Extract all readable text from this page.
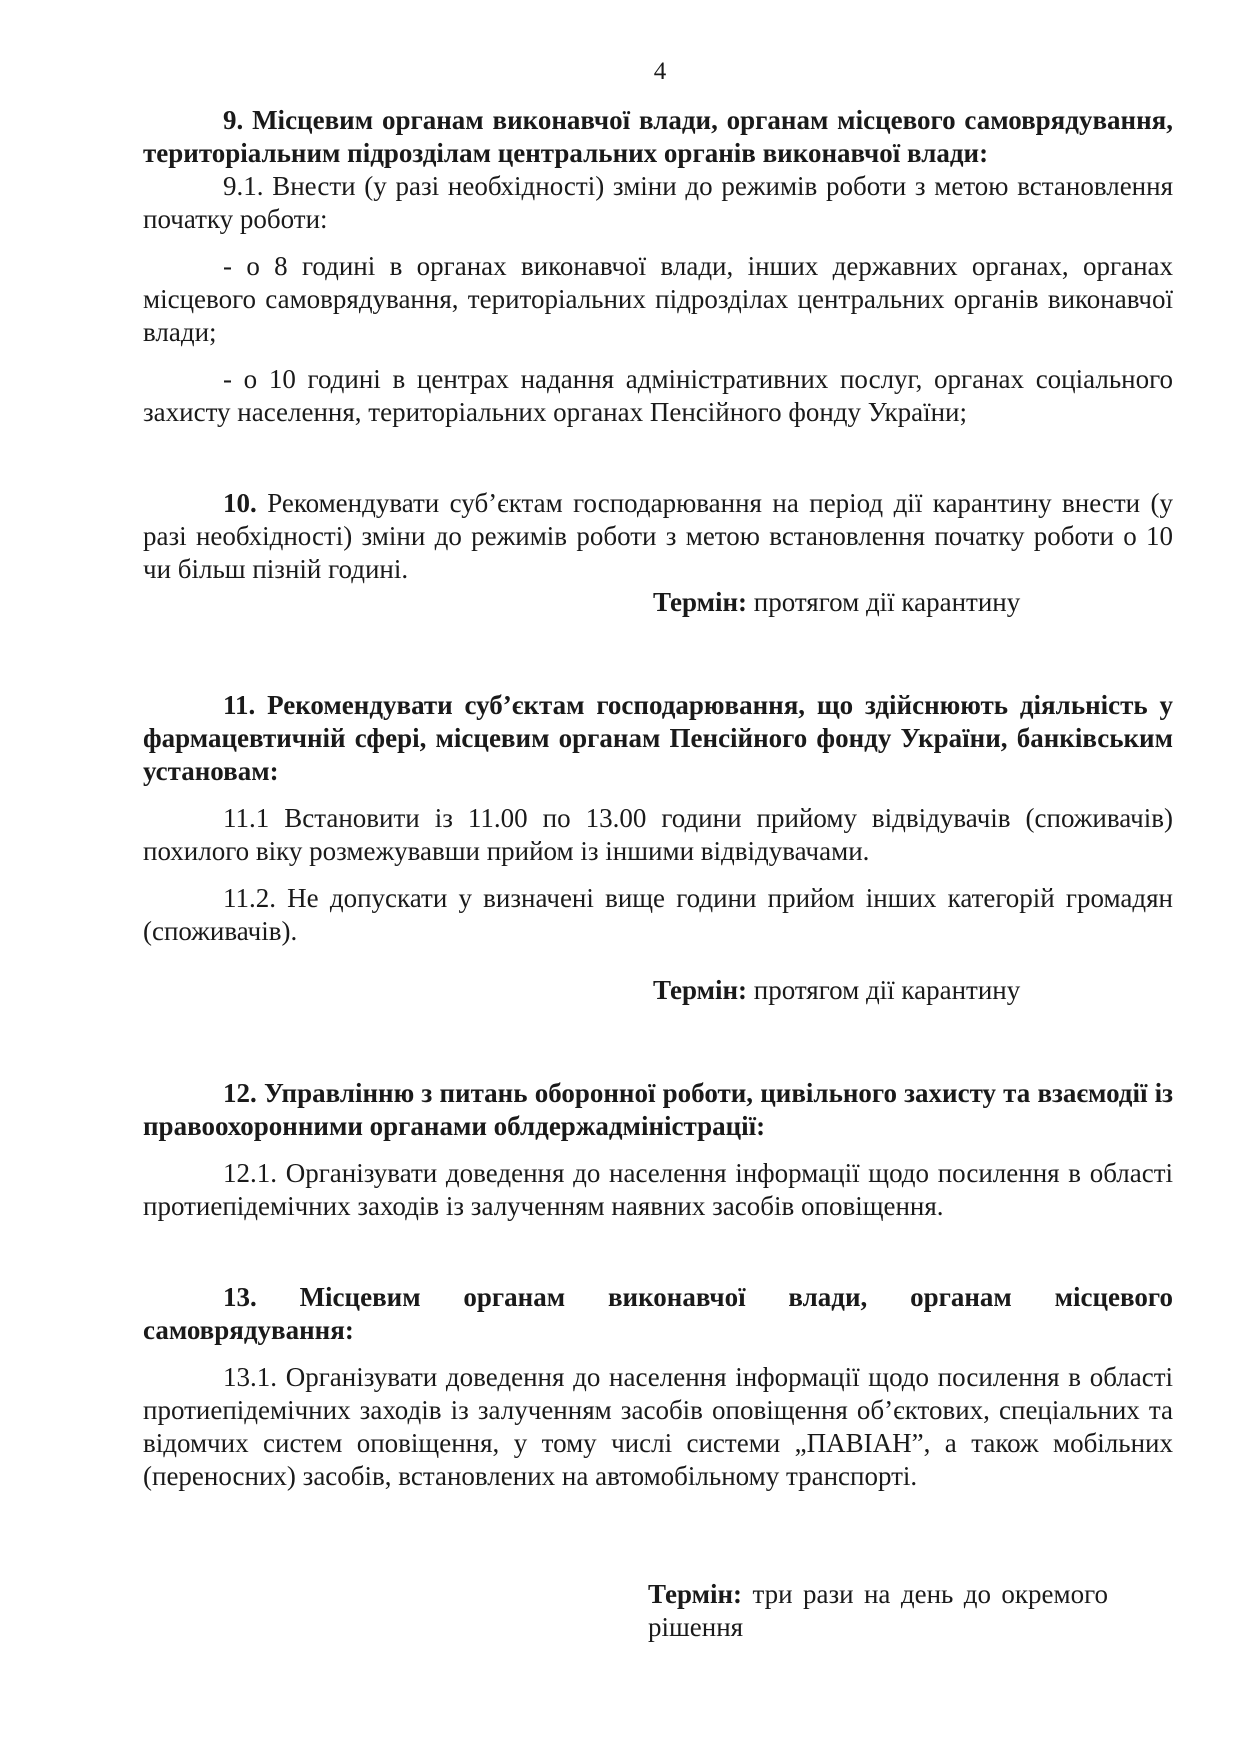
4

9. Місцевим органам виконавчої влади, органам місцевого самоврядування, територіальним підрозділам центральних органів виконавчої влади:

9.1. Внести (у разі необхідності) зміни до режимів роботи з метою встановлення початку роботи:

- о 8 годині в органах виконавчої влади, інших державних органах, органах місцевого самоврядування, територіальних підрозділах центральних органів виконавчої влади;

- о 10 годині в центрах надання адміністративних послуг, органах соціального захисту населення, територіальних органах Пенсійного фонду України;

10. Рекомендувати суб’єктам господарювання на період дії карантину внести (у разі необхідності) зміни до режимів роботи з метою встановлення початку роботи о 10 чи більш пізній годині.

Термін: протягом дії карантину

11. Рекомендувати суб’єктам господарювання, що здійснюють діяльність у фармацевтичній сфері, місцевим органам Пенсійного фонду України, банківським установам:

11.1 Встановити із 11.00 по 13.00 години прийому відвідувачів (споживачів) похилого віку розмежувавши прийом із іншими відвідувачами.

11.2. Не допускати у визначені вище години прийом інших категорій громадян (споживачів).

Термін: протягом дії карантину

12. Управлінню з питань оборонної роботи, цивільного захисту та взаємодії із правоохоронними органами облдержадміністрації:

12.1. Організувати доведення до населення інформації щодо посилення в області протиепідемічних заходів із залученням наявних засобів оповіщення.

13. Місцевим органам виконавчої влади, органам місцевого самоврядування:

13.1. Організувати доведення до населення інформації щодо посилення в області протиепідемічних заходів із залученням засобів оповіщення об’єктових, спеціальних та відомчих систем оповіщення, у тому числі системи „ПАВІАН”, а також мобільних (переносних) засобів, встановлених на автомобільному транспорті.

Термін: три рази на день до окремого рішення
